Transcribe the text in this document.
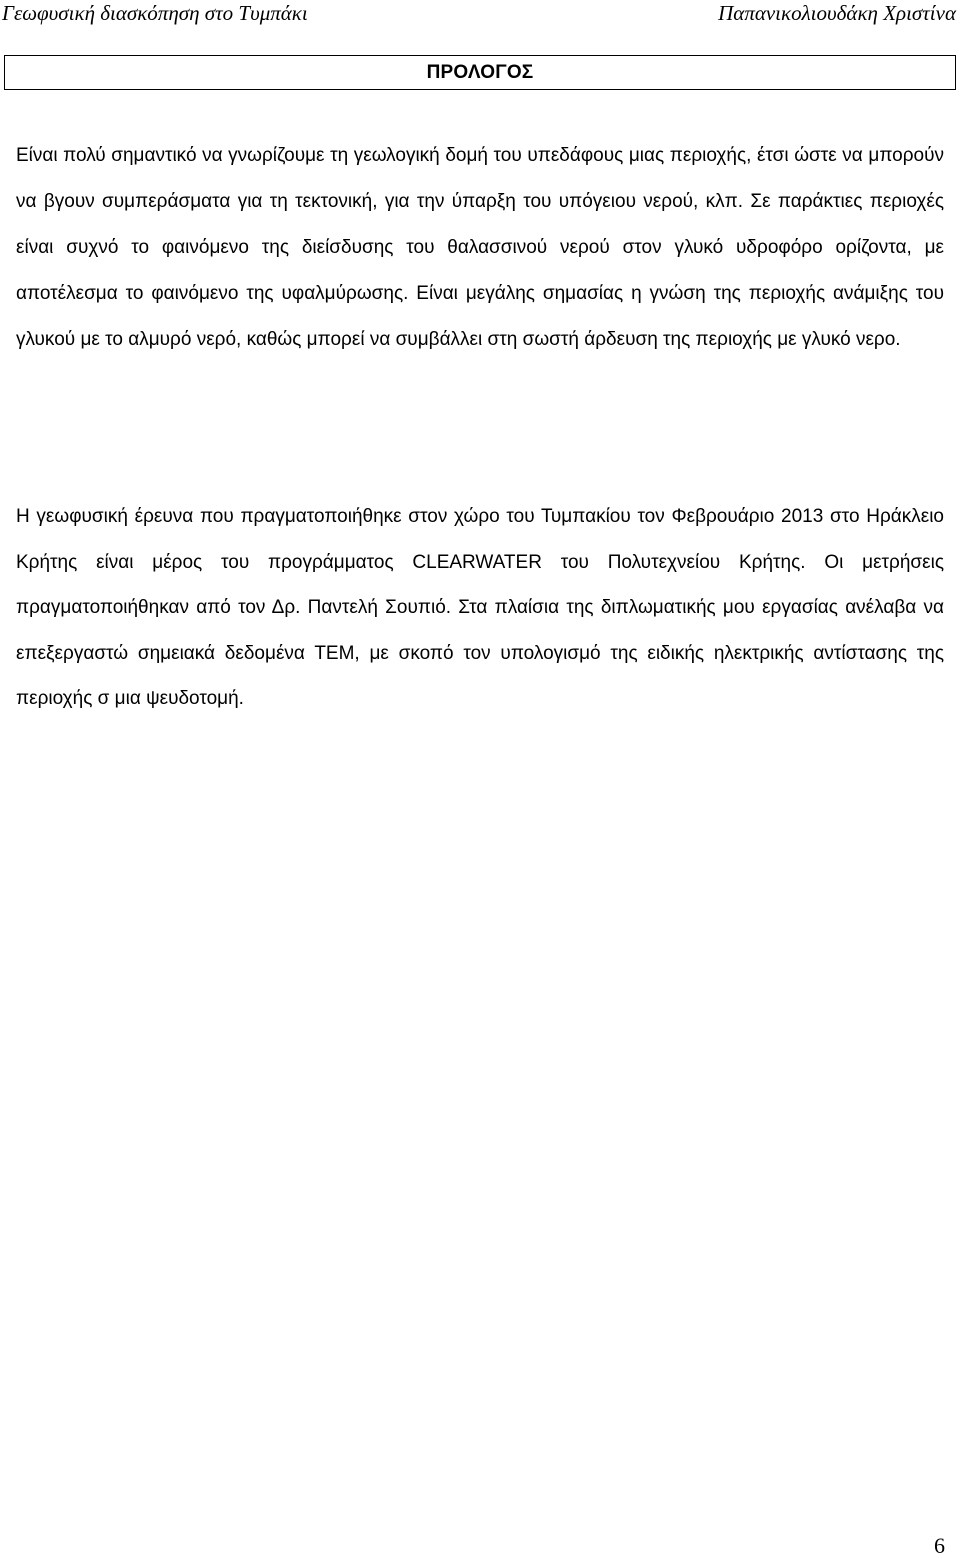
Γεωφυσική διασκόπηση στο Τυμπάκι	Παπανικολιουδάκη Χριστίνα
ΠΡΟΛΟΓΟΣ

Είναι πολύ σημαντικό να γνωρίζουμε τη γεωλογική δομή του υπεδάφους μιας περιοχής, έτσι ώστε να μπορούν να βγουν συμπεράσματα για τη τεκτονική, για την ύπαρξη του υπόγειου νερού, κλπ. Σε παράκτιες περιοχές είναι συχνό το φαινόμενο της διείσδυσης του θαλασσινού νερού στον γλυκό υδροφόρο ορίζοντα, με αποτέλεσμα το φαινόμενο της υφαλμύρωσης. Είναι μεγάλης σημασίας η γνώση της περιοχής ανάμιξης του γλυκού με το αλμυρό νερό, καθώς μπορεί να συμβάλλει στη σωστή άρδευση της περιοχής με γλυκό νερο.

Η γεωφυσική έρευνα που πραγματοποιήθηκε στον χώρο του Τυμπακίου τον Φεβρουάριο 2013 στο Ηράκλειο Κρήτης είναι μέρος του προγράμματος CLEARWATER του Πολυτεχνείου Κρήτης. Οι μετρήσεις πραγματοποιήθηκαν από τον Δρ. Παντελή Σουπιό. Στα πλαίσια της διπλωματικής μου εργασίας ανέλαβα να επεξεργαστώ σημειακά δεδομένα ΤΕΜ, με σκοπό τον υπολογισμό της ειδικής ηλεκτρικής αντίστασης της περιοχής σ μια ψευδοτομή.

6
